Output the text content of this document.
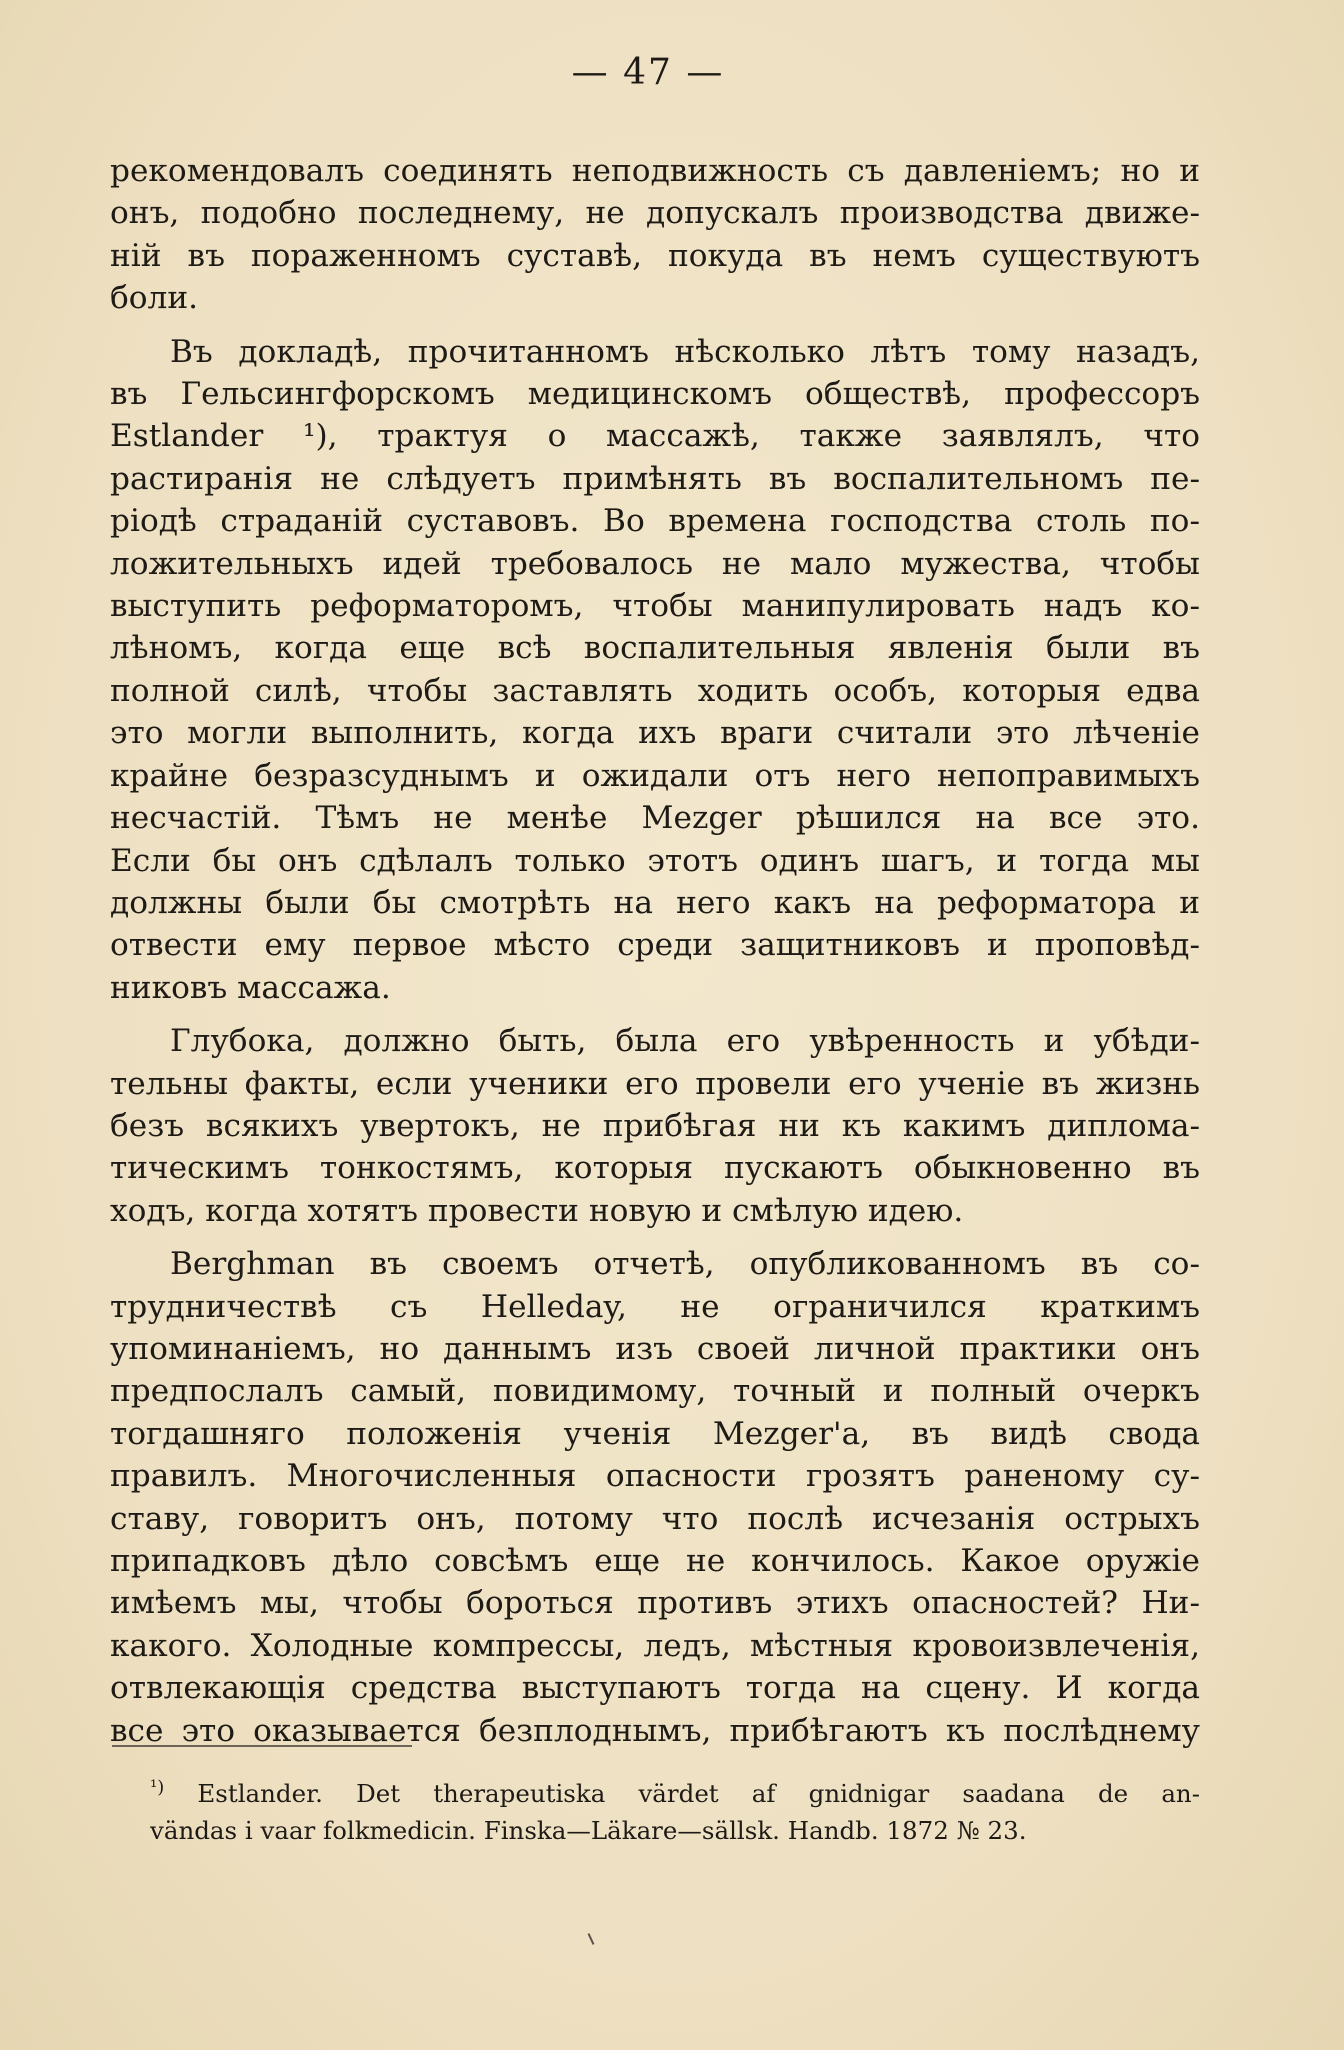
— 47 —
рекомендовалъ соединять неподвижность съ давленіемъ; но и
онъ, подобно последнему, не допускалъ производства движе-
ній въ пораженномъ суставѣ, покуда въ немъ существуютъ
боли.
Въ докладѣ, прочитанномъ нѣсколько лѣтъ тому назадъ,
въ Гельсингфорскомъ медицинскомъ обществѣ, профессоръ
Estlander ¹), трактуя о массажѣ, также заявлялъ, что
растиранія не слѣдуетъ примѣнять въ воспалительномъ пе-
ріодѣ страданій суставовъ. Во времена господства столь по-
ложительныхъ идей требовалось не мало мужества, чтобы
выступить реформаторомъ, чтобы манипулировать надъ ко-
лѣномъ, когда еще всѣ воспалительныя явленія были въ
полной силѣ, чтобы заставлять ходить особъ, которыя едва
это могли выполнить, когда ихъ враги считали это лѣченіе
крайне безразсуднымъ и ожидали отъ него непоправимыхъ
несчастій. Тѣмъ не менѣе Mezger рѣшился на все это.
Если бы онъ сдѣлалъ только этотъ одинъ шагъ, и тогда мы
должны были бы смотрѣть на него какъ на реформатора и
отвести ему первое мѣсто среди защитниковъ и проповѣд-
никовъ массажа.
Глубока, должно быть, была его увѣренность и убѣди-
тельны факты, если ученики его провели его ученіе въ жизнь
безъ всякихъ увертокъ, не прибѣгая ни къ какимъ диплома-
тическимъ тонкостямъ, которыя пускаютъ обыкновенно въ
ходъ, когда хотятъ провести новую и смѣлую идею.
Berghman въ своемъ отчетѣ, опубликованномъ въ со-
трудничествѣ съ Helleday, не ограничился краткимъ
упоминаніемъ, но даннымъ изъ своей личной практики онъ
предпослалъ самый, повидимому, точный и полный очеркъ
тогдашняго положенія ученія Mezger'a, въ видѣ свода
правилъ. Многочисленныя опасности грозятъ раненому су-
ставу, говоритъ онъ, потому что послѣ исчезанія острыхъ
припадковъ дѣло совсѣмъ еще не кончилось. Какое оружіе
имѣемъ мы, чтобы бороться противъ этихъ опасностей? Ни-
какого. Холодные компрессы, ледъ, мѣстныя кровоизвлеченія,
отвлекающія средства выступаютъ тогда на сцену. И когда
все это оказывается безплоднымъ, прибѣгаютъ къ послѣднему
$^{^1)}$ Estlander. Det therapeutiska värdet af gnidnigar saadana de an-
vändas i vaar folkmedicin. Finska—Läkare—sällsk. Handb. 1872 № 23.
